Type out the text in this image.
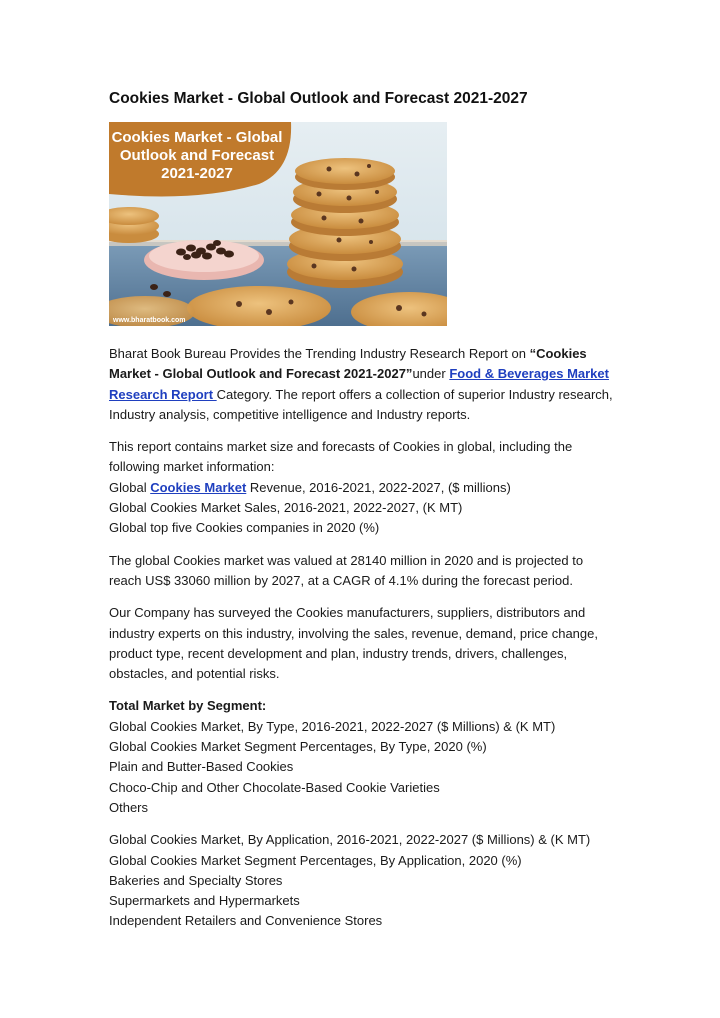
Cookies Market - Global Outlook and Forecast 2021-2027
Cookies Market - Global
Outlook and Forecast
2021-2027
www.bharatbook.com

Bharat Book Bureau Provides the Trending Industry Research Report on “Cookies Market - Global Outlook and Forecast 2021-2027”under Food & Beverages Market Research Report Category. The report offers a collection of superior Industry research, Industry analysis, competitive intelligence and Industry reports.

This report contains market size and forecasts of Cookies in global, including the following market information:
Global Cookies Market Revenue, 2016-2021, 2022-2027, ($ millions)
Global Cookies Market Sales, 2016-2021, 2022-2027, (K MT)
Global top five Cookies companies in 2020 (%)

The global Cookies market was valued at 28140 million in 2020 and is projected to reach US$ 33060 million by 2027, at a CAGR of 4.1% during the forecast period.

Our Company has surveyed the Cookies manufacturers, suppliers, distributors and industry experts on this industry, involving the sales, revenue, demand, price change, product type, recent development and plan, industry trends, drivers, challenges, obstacles, and potential risks.

Total Market by Segment:
Global Cookies Market, By Type, 2016-2021, 2022-2027 ($ Millions) & (K MT)
Global Cookies Market Segment Percentages, By Type, 2020 (%)
Plain and Butter-Based Cookies
Choco-Chip and Other Chocolate-Based Cookie Varieties
Others

Global Cookies Market, By Application, 2016-2021, 2022-2027 ($ Millions) & (K MT)
Global Cookies Market Segment Percentages, By Application, 2020 (%)
Bakeries and Specialty Stores
Supermarkets and Hypermarkets
Independent Retailers and Convenience Stores
